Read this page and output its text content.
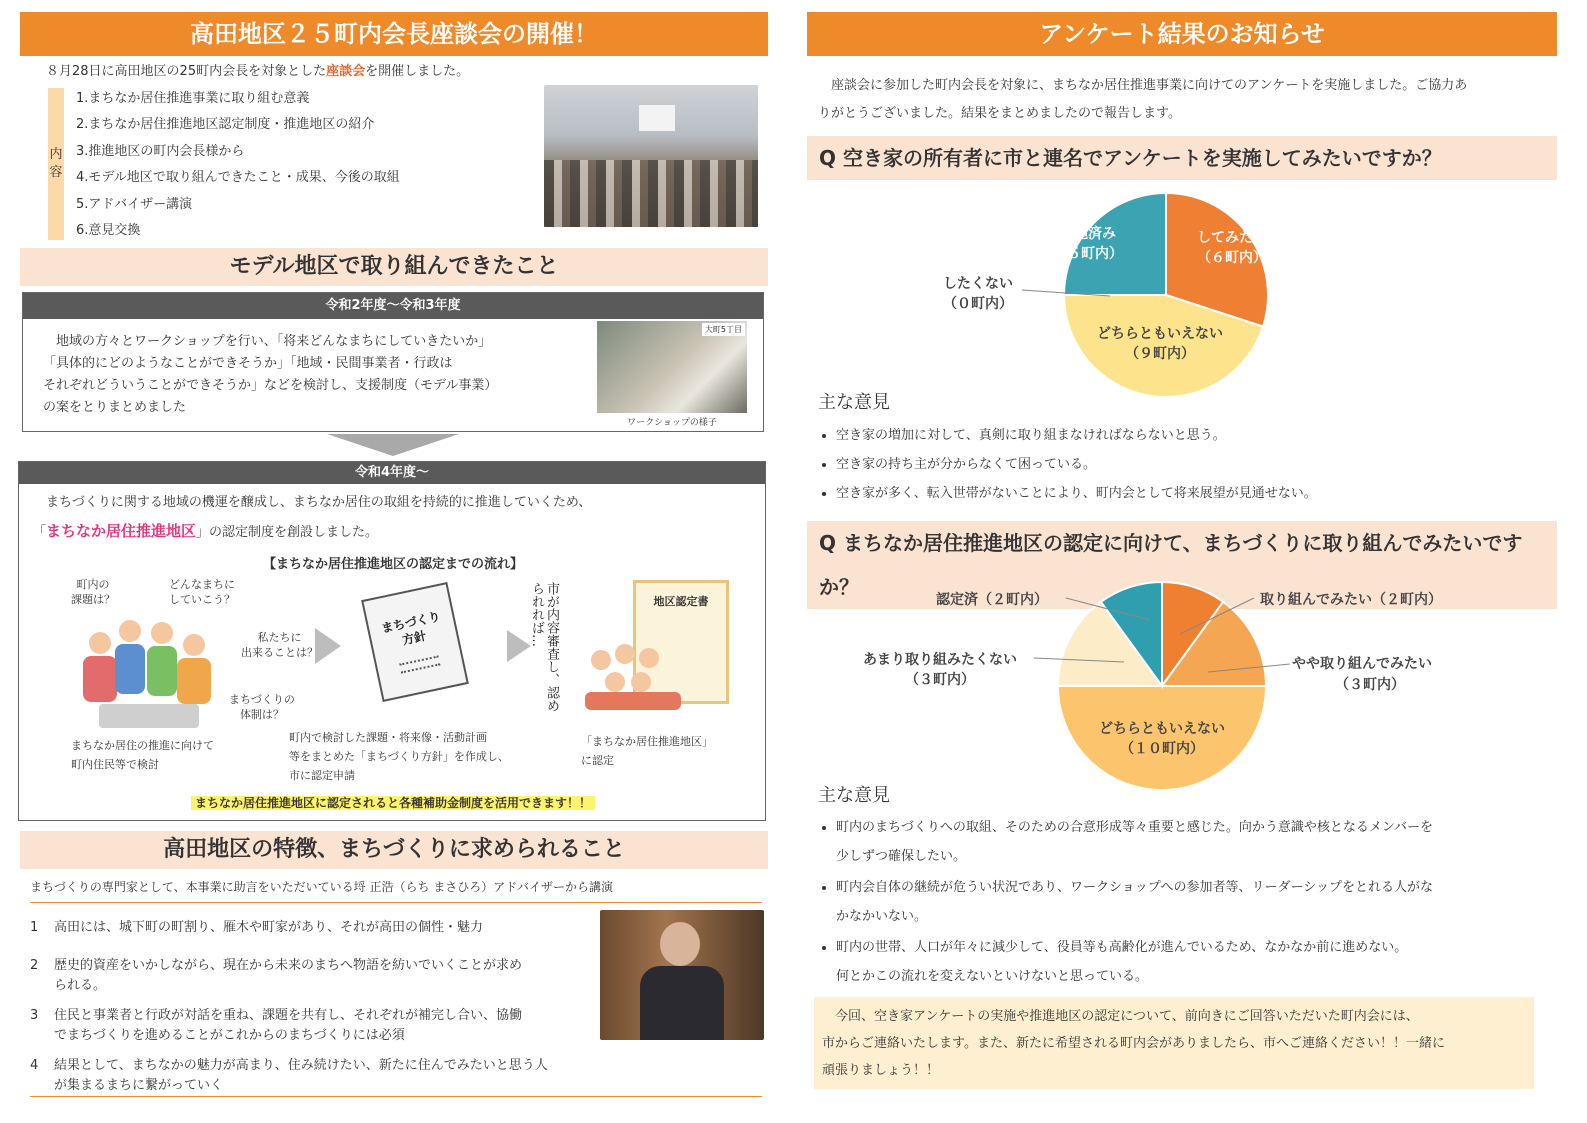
高田地区２５町内会長座談会の開催！
８月28日に高田地区の25町内会長を対象とした座談会を開催しました。
内容
1.まちなか居住推進事業に取り組む意義
2.まちなか居住推進地区認定制度・推進地区の紹介
3.推進地区の町内会長様から
4.モデル地区で取り組んできたこと・成果、今後の取組
5.アドバイザー講演
6.意見交換
モデル地区で取り組んできたこと
令和2年度〜令和3年度
　地域の方々とワークショップを行い、「将来どんなまちにしていきたいか」
「具体的にどのようなことができそうか」「地域・民間事業者・行政は
それぞれどういうことができそうか」などを検討し、支援制度（モデル事業）
の案をとりまとめました
大町5丁目
ワークショップの様子
令和4年度〜
　まちづくりに関する地域の機運を醸成し、まちなか居住の取組を持続的に推進していくため、
「まちなか居住推進地区」の認定制度を創設しました。
【まちなか居住推進地区の認定までの流れ】
町内の
課題は？
どんなまちに
していこう？
私たちに
出来ることは？
まちづくりの
体制は？
まちなか居住の推進に向けて
町内住民等で検討
まちづくり
方針
町内で検討した課題・将来像・活動計画
等をまとめた「まちづくり方針」を作成し、
市に認定申請
市が内容審査し、認められれば…	地区認定書
「まちなか居住推進地区」
に認定
まちなか居住推進地区に認定されると各種補助金制度を活用できます！！
高田地区の特徴、まちづくりに求められること
まちづくりの専門家として、本事業に助言をいただいている埒 正浩（らち まさひろ）アドバイザーから講演
1	高田には、城下町の町割り、雁木や町家があり、それが高田の個性・魅力
2	歴史的資産をいかしながら、現在から未来のまちへ物語を紡いでいくことが求め
られる。
3	住民と事業者と行政が対話を重ね、課題を共有し、それぞれが補完し合い、協働
でまちづくりを進めることがこれからのまちづくりには必須
4	結果として、まちなかの魅力が高まり、住み続けたい、新たに住んでみたいと思う人
が集まるまちに繋がっていく
アンケート結果のお知らせ
　座談会に参加した町内会長を対象に、まちなか居住推進事業に向けてのアンケートを実施しました。ご協力あ
りがとうございました。結果をまとめましたので報告します。
Q 空き家の所有者に市と連名でアンケートを実施してみたいですか？
してみたい
（６町内）
どちらともいえない
（９町内）
実施済み
（５町内）
したくない
（０町内）
主な意見
• 空き家の増加に対して、真剣に取り組まなければならないと思う。
• 空き家の持ち主が分からなくて困っている。
• 空き家が多く、転入世帯がないことにより、町内会として将来展望が見通せない。
Q まちなか居住推進地区の認定に向けて、まちづくりに取り組んでみたいですか？
どちらともいえない
（１０町内）
取り組んでみたい（２町内）
やや取り組んでみたい
（３町内）
認定済（２町内）
あまり取り組みたくない
（３町内）
主な意見
• 町内のまちづくりへの取組、そのための合意形成等々重要と感じた。向かう意識や核となるメンバーを
少しずつ確保したい。
• 町内会自体の継続が危うい状況であり、ワークショップへの参加者等、リーダーシップをとれる人がな
かなかいない。
• 町内の世帯、人口が年々に減少して、役員等も高齢化が進んでいるため、なかなか前に進めない。
何とかこの流れを変えないといけないと思っている。
　今回、空き家アンケートの実施や推進地区の認定について、前向きにご回答いただいた町内会には、
市からご連絡いたします。また、新たに希望される町内会がありましたら、市へご連絡ください！！一緒に
頑張りましょう！！
